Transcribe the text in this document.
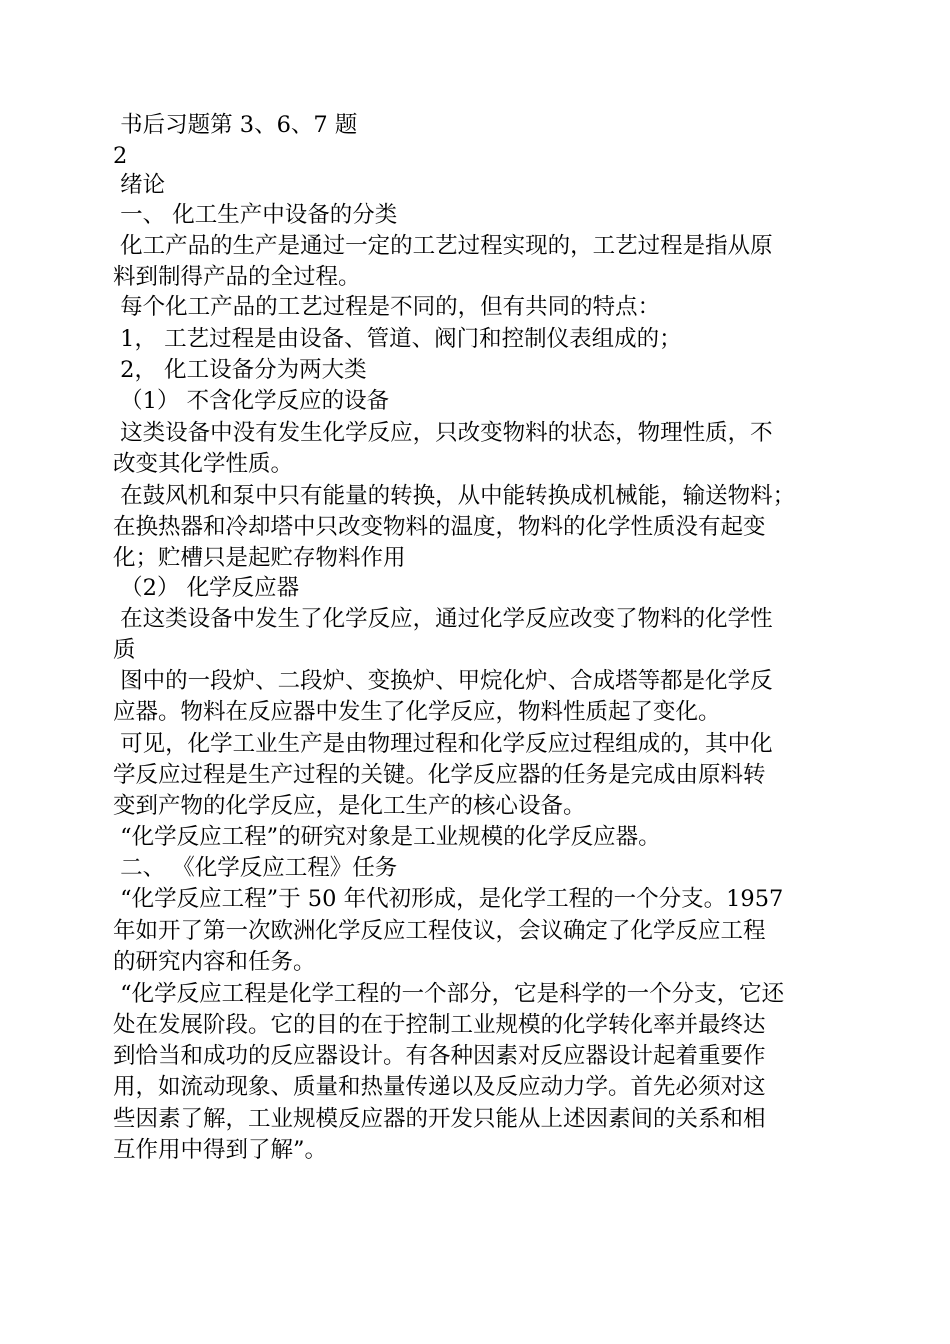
书后习题第 3、6、7 题
2
绪论
一、 化工生产中设备的分类
化工产品的生产是通过一定的工艺过程实现的，工艺过程是指从原
料到制得产品的全过程。
每个化工产品的工艺过程是不同的，但有共同的特点：
1， 工艺过程是由设备、管道、阀门和控制仪表组成的；
2， 化工设备分为两大类
（1） 不含化学反应的设备
这类设备中没有发生化学反应，只改变物料的状态，物理性质，不
改变其化学性质。
在鼓风机和泵中只有能量的转换，从中能转换成机械能，输送物料；
在换热器和冷却塔中只改变物料的温度，物料的化学性质没有起变
化；贮槽只是起贮存物料作用
（2） 化学反应器
在这类设备中发生了化学反应，通过化学反应改变了物料的化学性
质
图中的一段炉、二段炉、变换炉、甲烷化炉、合成塔等都是化学反
应器。物料在反应器中发生了化学反应，物料性质起了变化。
可见，化学工业生产是由物理过程和化学反应过程组成的，其中化
学反应过程是生产过程的关键。化学反应器的任务是完成由原料转
变到产物的化学反应，是化工生产的核心设备。
“化学反应工程”的研究对象是工业规模的化学反应器。
二、 《化学反应工程》任务
“化学反应工程”于 50 年代初形成，是化学工程的一个分支。1957
年如开了第一次欧洲化学反应工程伎议，会议确定了化学反应工程
的研究内容和任务。
“化学反应工程是化学工程的一个部分，它是科学的一个分支，它还
处在发展阶段。它的目的在于控制工业规模的化学转化率并最终达
到恰当和成功的反应器设计。有各种因素对反应器设计起着重要作
用，如流动现象、质量和热量传递以及反应动力学。首先必须对这
些因素了解，工业规模反应器的开发只能从上述因素间的关系和相
互作用中得到了解”。
